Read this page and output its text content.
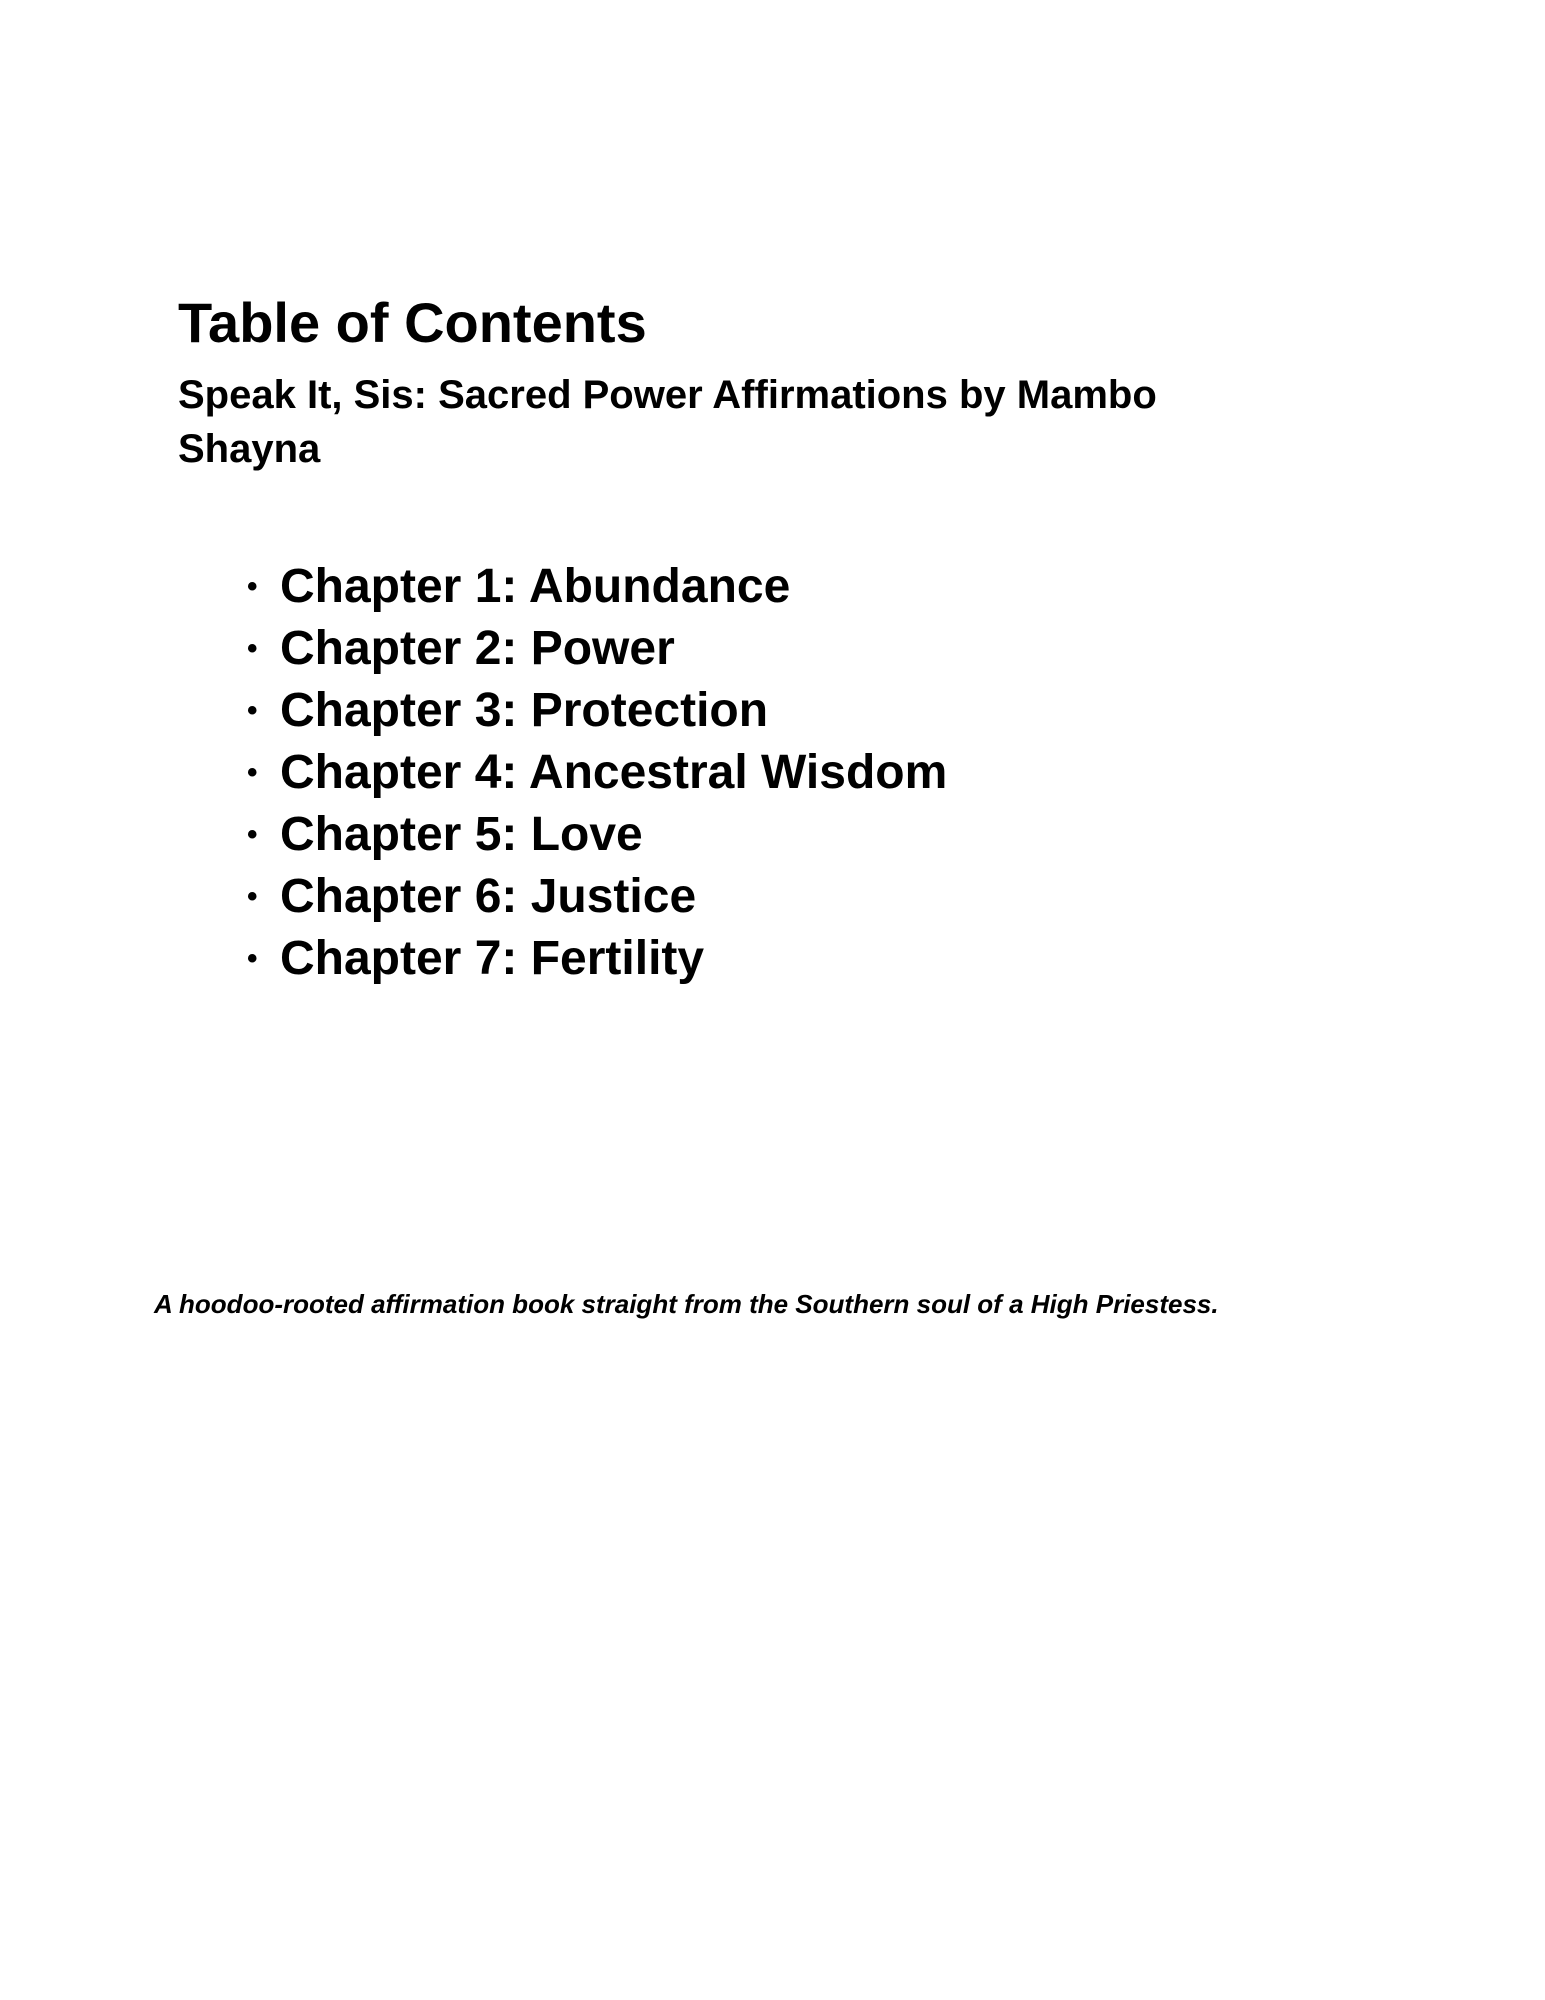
Table of Contents
Speak It, Sis: Sacred Power Affirmations by Mambo Shayna
• Chapter 1: Abundance
• Chapter 2: Power
• Chapter 3: Protection
• Chapter 4: Ancestral Wisdom
• Chapter 5: Love
• Chapter 6: Justice
• Chapter 7: Fertility

A hoodoo-rooted affirmation book straight from the Southern soul of a High Priestess.
